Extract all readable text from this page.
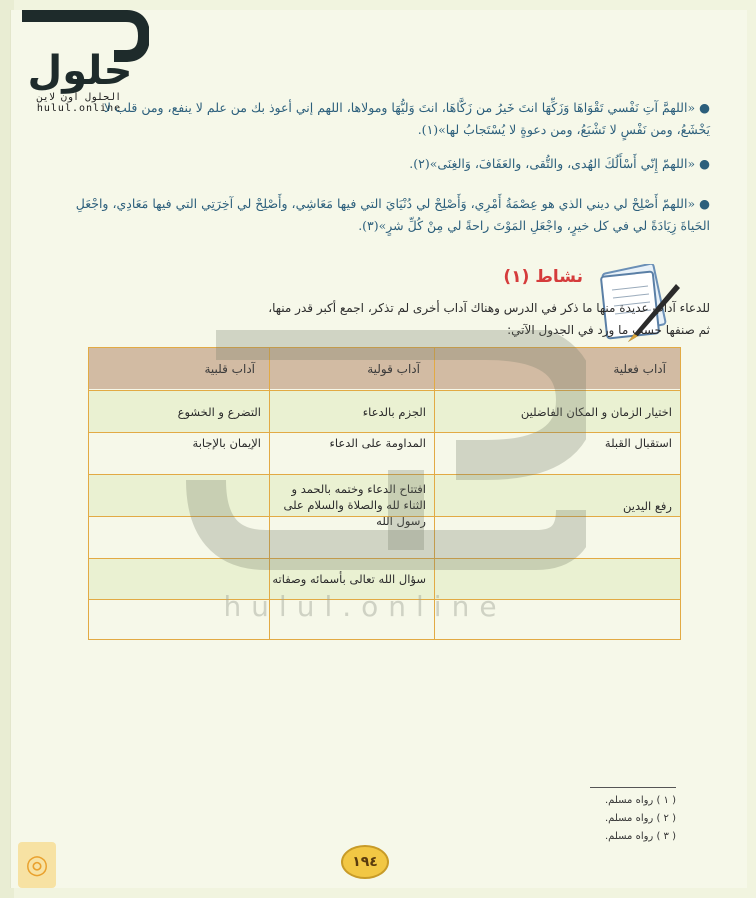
حلول
الحلول اون لاين
hulul.online
● «اللهمَّ آتِ نَفْسي تَقْوَاهَا وَزَكِّهَا انتَ خَيرُ من زَكَّاهَا، انتَ وَليُّهَا ومولاها، اللهم إني أعوذ بك من علم لا ينفع، ومن قلب لا يَخْشَعُ، ومن نَفْسٍ لا تَشْبَعُ، ومن دعوةٍ لا يُسْتَجابُ لها»(١).
● «اللهمّ إِنّي أَسْأَلُكَ الهُدى، والتُّقى، والعَفَافَ، وَالغِنَى»(٢).
● «اللهمّ أَصْلِحْ لي ديني الذي هو عِصْمَةُ أَمْرِي، وَأَصْلِحْ لي دُنْيَايَ التي فيها مَعَاشِي، وأَصْلِحْ لي آخِرَتِي التي فيها مَعَادِي، واجْعَلِ الحَياةَ زِيَادَةً لي في كل خيرٍ، واجْعَلِ المَوْتَ راحةً لي مِنْ كُلِّ شرٍ»(٣).
نشاط (١)
للدعاء آداب عديدة منها ما ذكر في الدرس وهناك آداب أخرى لم تذكر، اجمع أكبر قدر منها،
ثم صنفها حسب ما ورد في الجدول الآتي:
آداب فعلية
آداب قولية
آداب قلبية
اختيار الزمان و المكان الفاضلين
الجزم بالدعاء
التضرع و الخشوع
استقبال القبلة
المداومة على الدعاء
الإيمان بالإجابة
رفع اليدين
افتتاح الدعاء وختمه بالحمد و الثناء لله والصلاة والسلام على رسول الله
سؤال الله تعالى بأسمائه وصفاته
hulul.online
( ١ ) رواه مسلم.
( ٢ ) رواه مسلم.
( ٣ ) رواه مسلم.
١٩٤
◎
